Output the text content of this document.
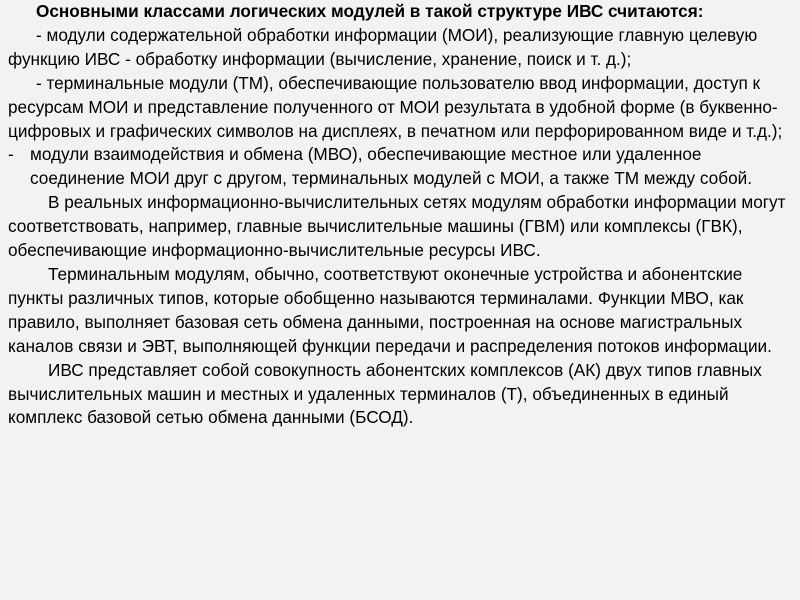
Основными классами логических модулей в такой структуре ИВС считаются:

- модули содержательной обработки информации (МОИ), реализующие главную целевую функцию ИВС - обработку информации (вычисление, хранение, поиск и т. д.);

- терминальные модули (ТМ), обеспечивающие пользователю ввод информации, доступ к ресурсам МОИ и представление полученного от МОИ результата в удобной форме (в буквенно-цифровых и графических символов на дисплеях, в печатном или перфорированном виде и т.д.);

- модули взаимодействия и обмена (МВО), обеспечивающие местное или удаленное соединение МОИ друг с другом, терминальных модулей с МОИ, а также ТМ между собой.

В реальных информационно-вычислительных сетях модулям обработки информации могут соответствовать, например, главные вычислительные машины (ГВМ) или комплексы (ГВК), обеспечивающие информационно-вычислительные ресурсы ИВС.

Терминальным модулям, обычно, соответствуют оконечные устройства и абонентские пункты различных типов, которые обобщенно называются терминалами. Функции МВО, как правило, выполняет базовая сеть обмена данными, построенная на основе магистральных каналов связи и ЭВТ, выполняющей функции передачи и распределения потоков информации.

ИВС представляет собой совокупность абонентских комплексов (АК) двух типов главных вычислительных машин и местных и удаленных терминалов (Т), объединенных в единый комплекс базовой сетью обмена данными (БСОД).
